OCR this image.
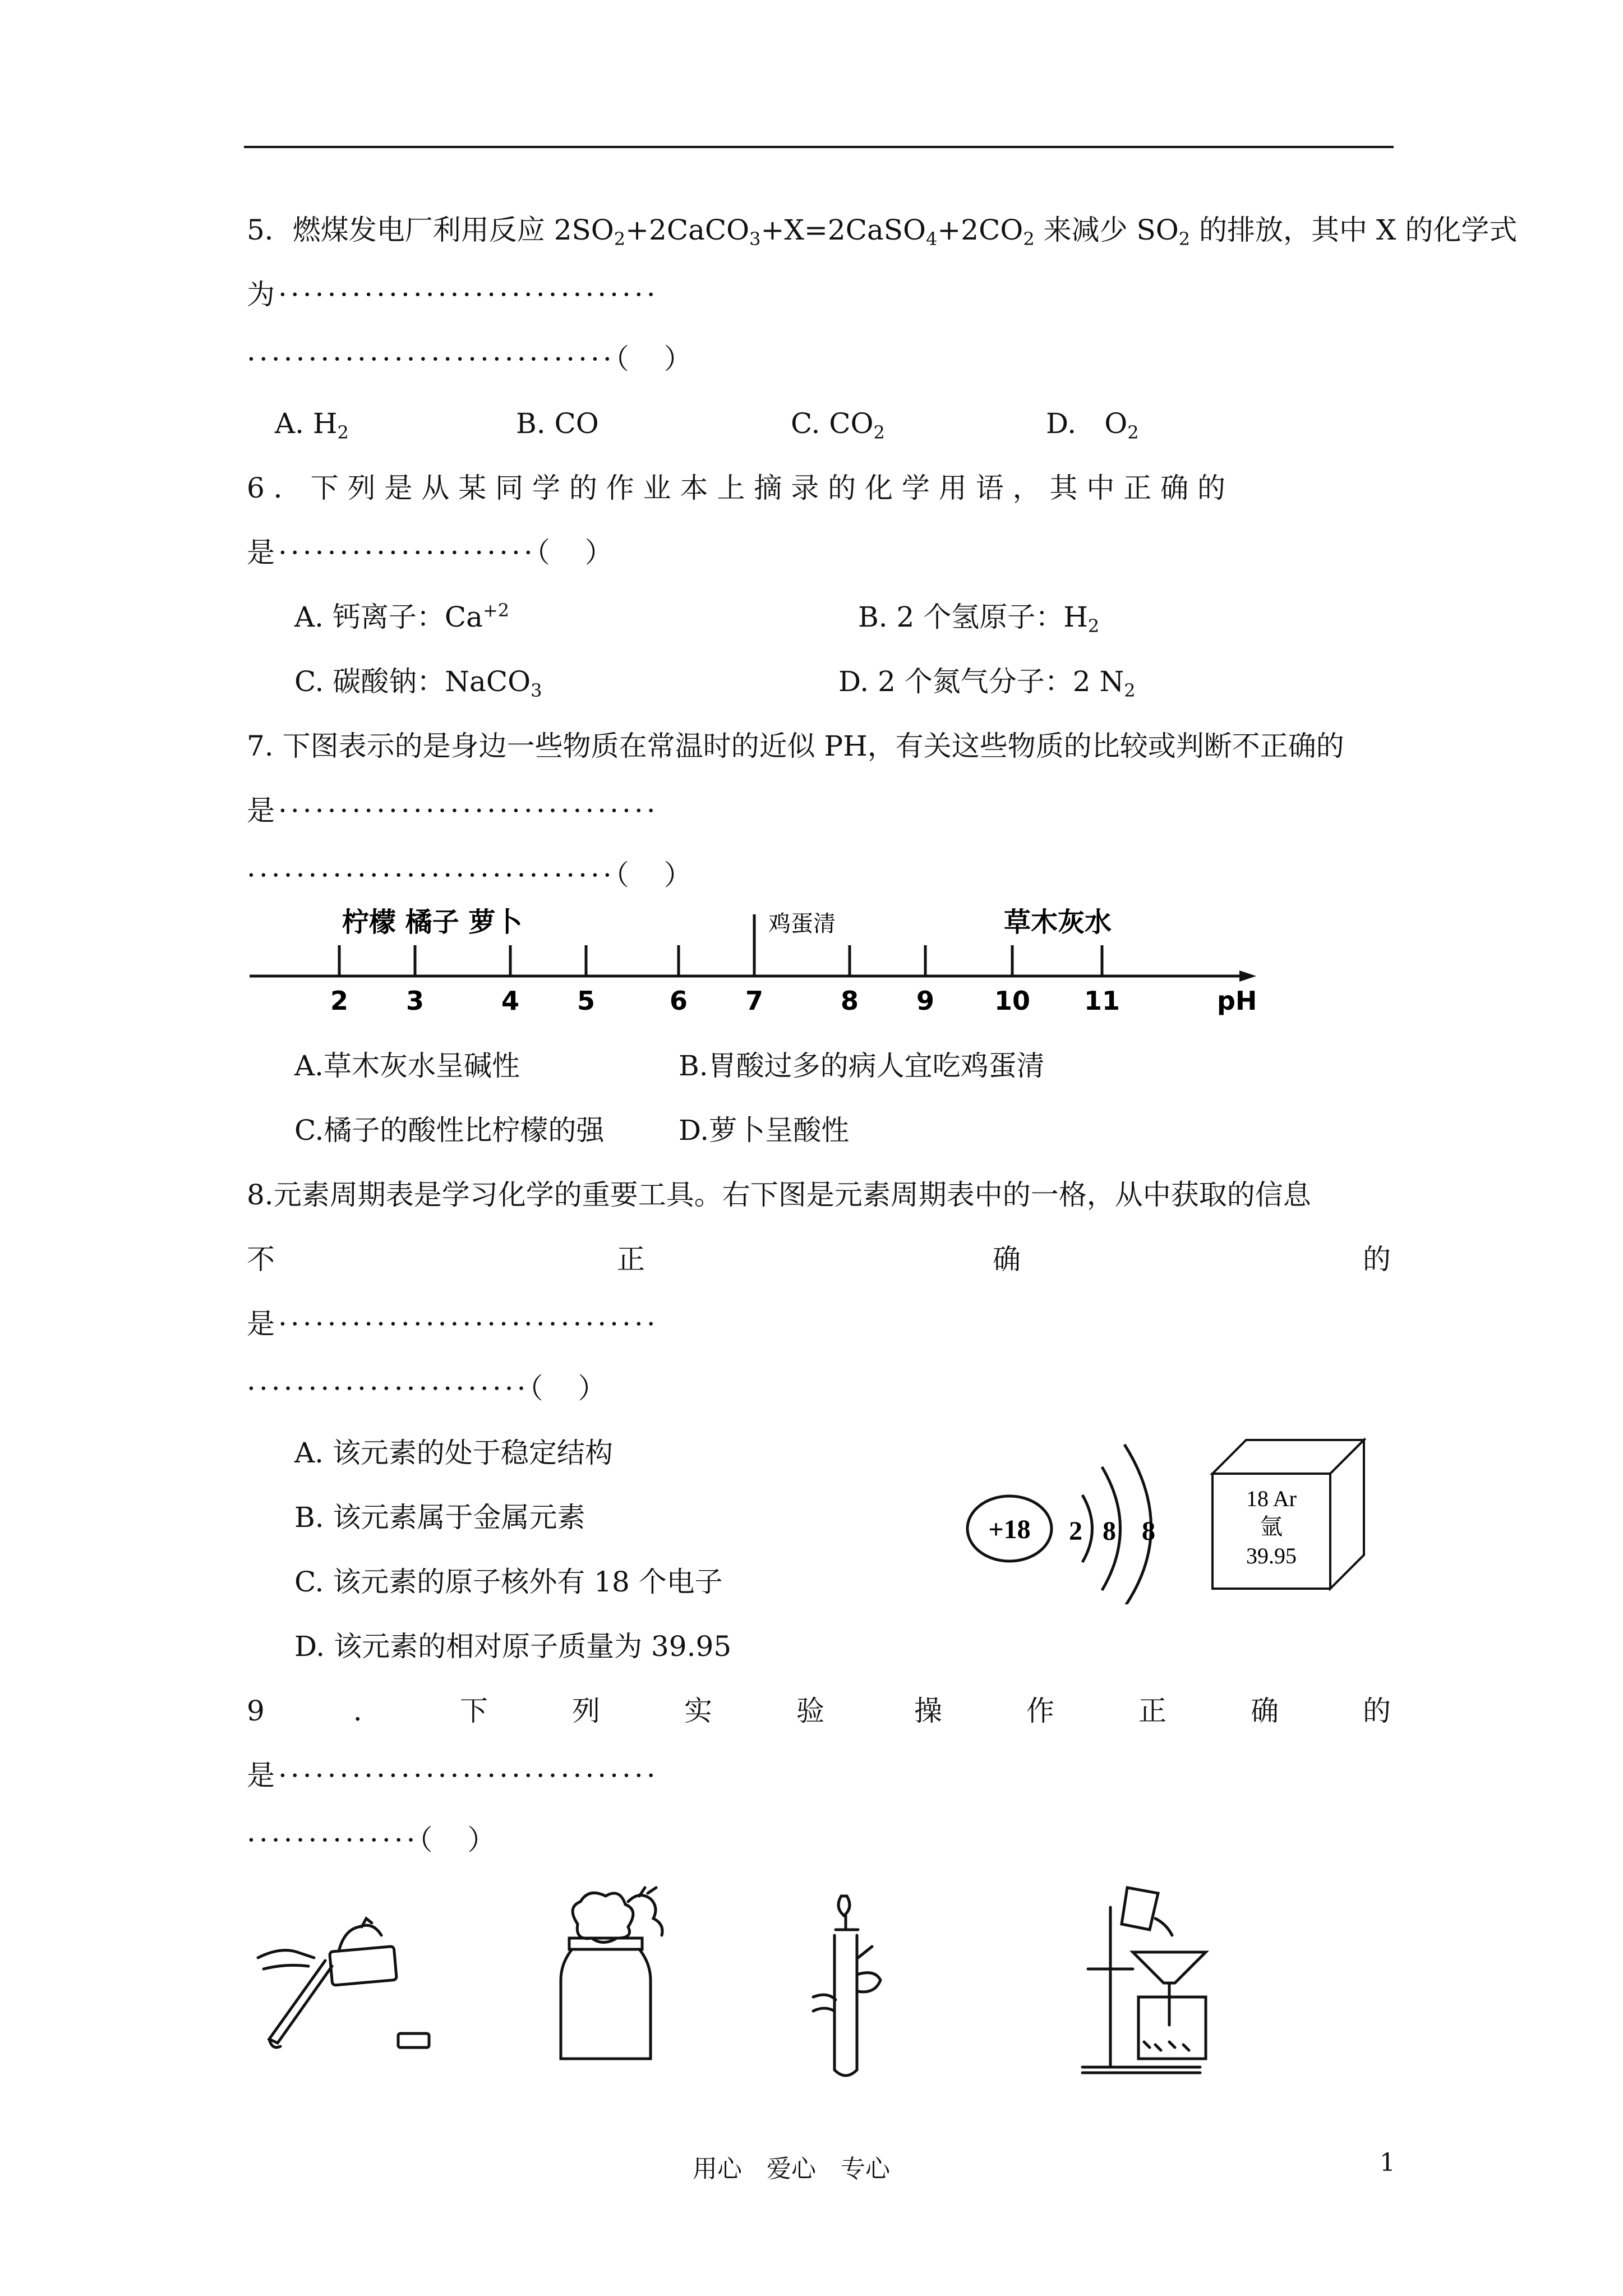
5．燃煤发电厂利用反应 $2SO_2+2CaCO_3+X=2CaSO_4+2CO_2$ 来减少 $SO_2$ 的排放，其中 X 的化学式
为·······························
······························（　）
A. $H_2$	B. CO	C. $CO_2$	D.　$O_2$
6 ． 下 列 是 从 某 同 学 的 作 业 本 上 摘 录 的 化 学 用 语 ， 其 中 正 确 的
是·····················（　）
A. 钙离子：$Ca^{+2}$	B. 2 个氢原子：$H_2$
C. 碳酸钠：NaCO$_3$	D. 2 个氮气分子：2 $N_2$
7. 下图表示的是身边一些物质在常温时的近似 PH，有关这些物质的比较或判断不正确的
是·······························
······························（　）
柠檬 橘子 萝卜	鸡蛋清	草木灰水
2 3	4 5	6 7	8 9 10 11	pH
A.草木灰水呈碱性	B.胃酸过多的病人宜吃鸡蛋清
C.橘子的酸性比柠檬的强	D.萝卜呈酸性
8.元素周期表是学习化学的重要工具。右下图是元素周期表中的一格，从中获取的信息
不	正	确	的
是·······························
·······················（　）
A. 该元素的处于稳定结构
B. 该元素属于金属元素
C. 该元素的原子核外有 18 个电子
D. 该元素的相对原子质量为 39.95
+18 2 8 8
18 Ar
氩
39.95
9	．	下	列	实	验	操	作	正	确	的
是·······························
··············（　）
用心　爱心　专心	1
